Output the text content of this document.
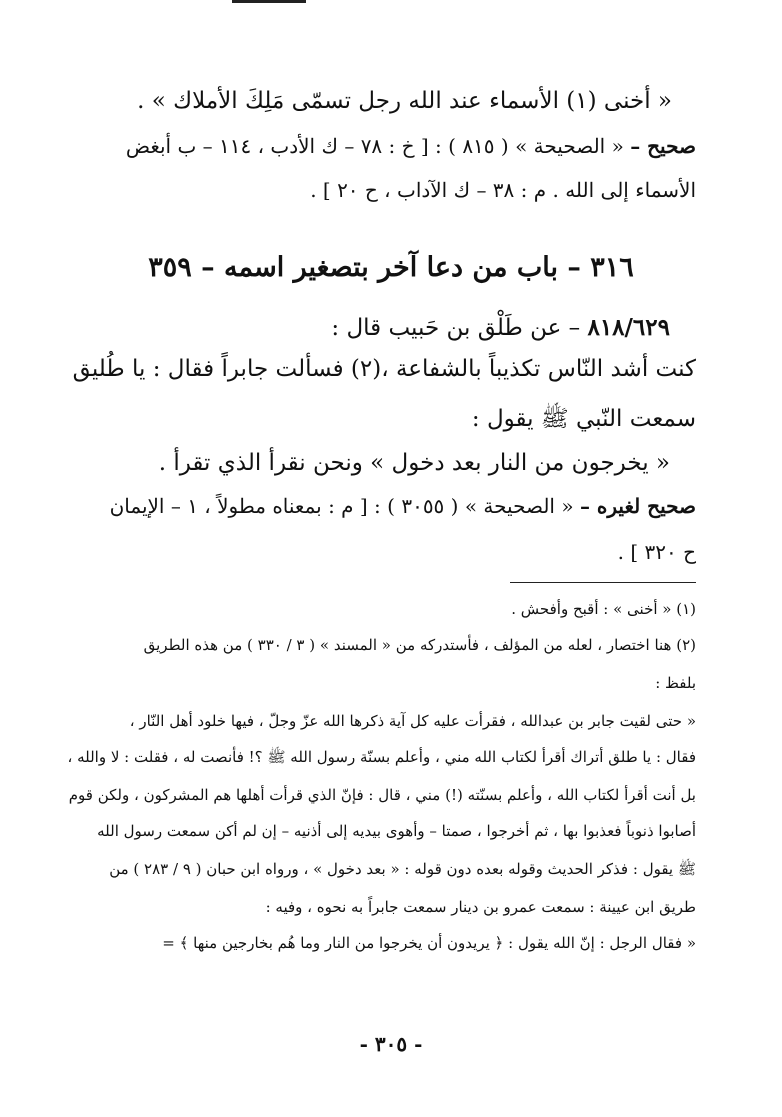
« أخنى (١) الأسماء عند الله رجل تسمّى مَلِكَ الأملاك » .
صحيح – « الصحيحة » ( ٨١٥ ) : [ خ : ٧٨ – ك الأدب ، ١١٤ – ب أبغض
الأسماء إلى الله . م : ٣٨ – ك الآداب ، ح ٢٠ ] .
٣١٦ – باب من دعا آخر بتصغير اسمه – ٣٥٩
٨١٨/٦٢٩ – عن طَلْق بن حَبيب قال :
كنت أشد النّاس تكذيباً بالشفاعة ،(٢) فسألت جابراً فقال : يا طُليق
سمعت النّبي ﷺ يقول :
« يخرجون من النار بعد دخول » ونحن نقرأ الذي تقرأ .
صحيح لغيره – « الصحيحة » ( ٣٠٥٥ ) : [ م : بمعناه مطولاً ، ١ – الإيمان
ح ٣٢٠ ] .
(١) « أخنى » : أقبح وأفحش .
(٢) هنا اختصار ، لعله من المؤلف ، فأستدركه من « المسند » ( ٣ / ٣٣٠ ) من هذه الطريق
بلفظ :
« حتى لقيت جابر بن عبدالله ، فقرأت عليه كل آية ذكرها الله عزّ وجلّ ، فيها خلود أهل النّار ،
فقال : يا طلق أتراك أقرأ لكتاب الله مني ، وأعلم بسنّة رسول الله ﷺ ؟! فأنصت له ، فقلت : لا والله ،
بل أنت أقرأ لكتاب الله ، وأعلم بسنّته (!) مني ، قال : فإنّ الذي قرأت أهلها هم المشركون ، ولكن قوم
أصابوا ذنوباً فعذبوا بها ، ثم أخرجوا ، صمتا – وأهوى بيديه إلى أذنيه – إن لم أكن سمعت رسول الله
ﷺ يقول : فذكر الحديث وقوله بعده دون قوله : « بعد دخول » ، ورواه ابن حبان ( ٩ / ٢٨٣ ) من
طريق ابن عيينة : سمعت عمرو بن دينار سمعت جابراً به نحوه ، وفيه :
« فقال الرجل : إنّ الله يقول : ﴿ يريدون أن يخرجوا من النار وما هُم بخارجين منها ﴾ =
- ٣٠٥ -
